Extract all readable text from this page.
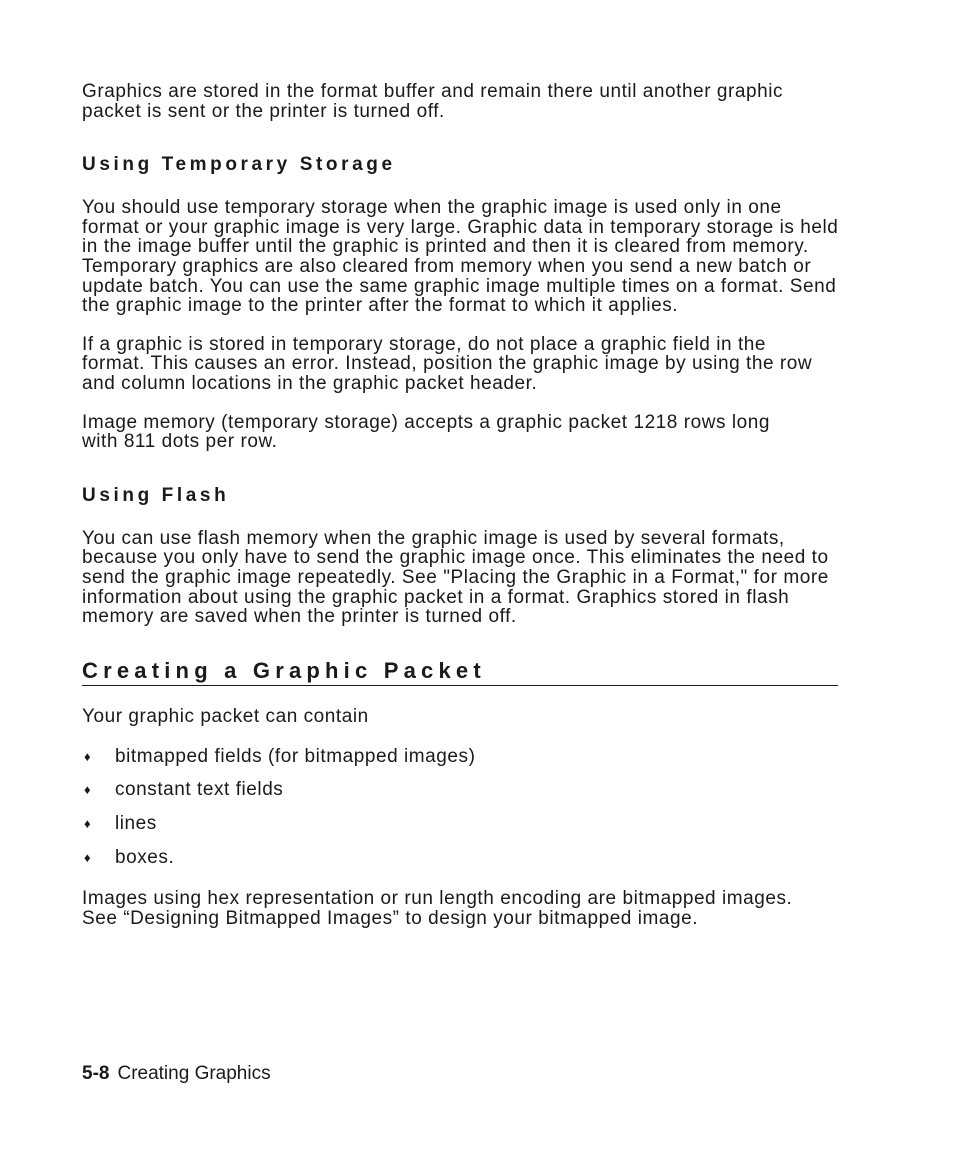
Graphics are stored in the format buffer and remain there until another graphic packet is sent or the printer is turned off.

Using Temporary Storage

You should use temporary storage when the graphic image is used only in one format or your graphic image is very large. Graphic data in temporary storage is held in the image buffer until the graphic is printed and then it is cleared from memory. Temporary graphics are also cleared from memory when you send a new batch or update batch. You can use the same graphic image multiple times on a format. Send the graphic image to the printer after the format to which it applies.

If a graphic is stored in temporary storage, do not place a graphic field in the format. This causes an error. Instead, position the graphic image by using the row and column locations in the graphic packet header.

Image memory (temporary storage) accepts a graphic packet 1218 rows long with 811 dots per row.

Using Flash

You can use flash memory when the graphic image is used by several formats, because you only have to send the graphic image once. This eliminates the need to send the graphic image repeatedly. See "Placing the Graphic in a Format," for more information about using the graphic packet in a format. Graphics stored in flash memory are saved when the printer is turned off.

Creating a Graphic Packet

Your graphic packet can contain

♦ bitmapped fields (for bitmapped images)
♦ constant text fields
♦ lines
♦ boxes.

Images using hex representation or run length encoding are bitmapped images. See “Designing Bitmapped Images” to design your bitmapped image.

5-8 Creating Graphics
